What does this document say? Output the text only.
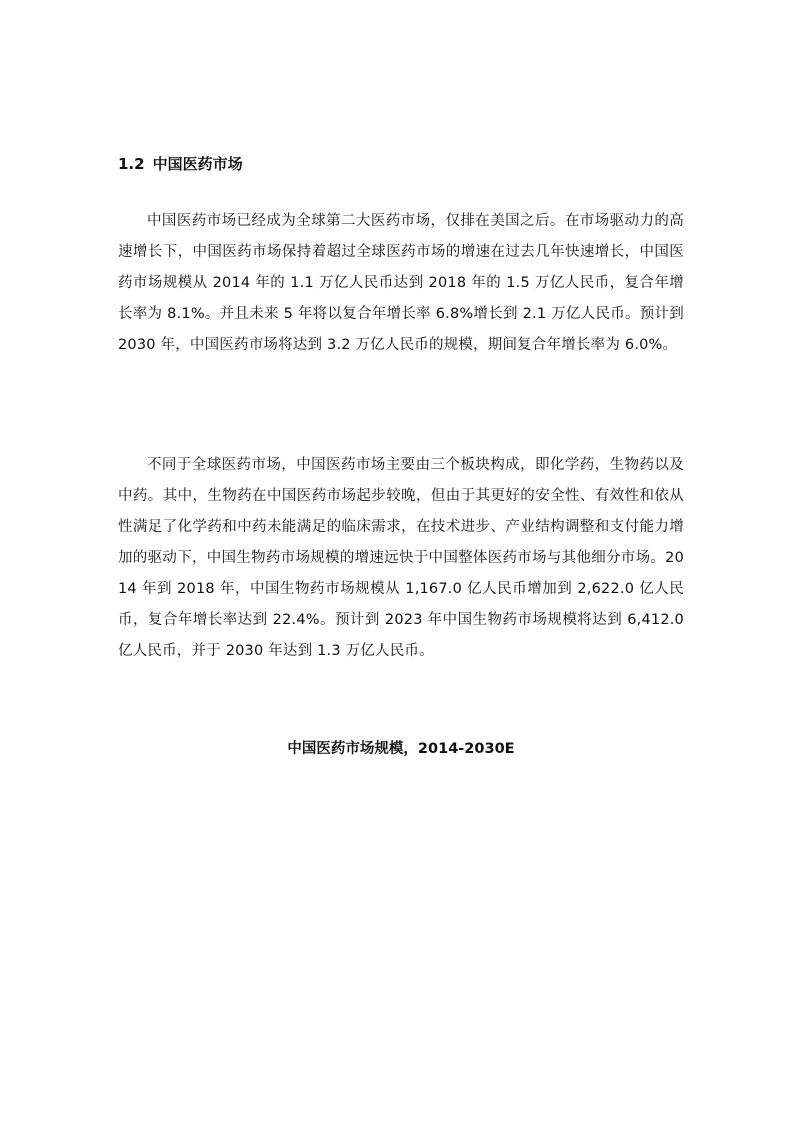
1.2 中国医药市场

中国医药市场已经成为全球第二大医药市场，仅排在美国之后。在市场驱动力的高速增长下，中国医药市场保持着超过全球医药市场的增速在过去几年快速增长，中国医药市场规模从 2014 年的 1.1 万亿人民币达到 2018 年的 1.5 万亿人民币，复合年增长率为 8.1%。并且未来 5 年将以复合年增长率 6.8%增长到 2.1 万亿人民币。预计到 2030 年，中国医药市场将达到 3.2 万亿人民币的规模，期间复合年增长率为 6.0%。

不同于全球医药市场，中国医药市场主要由三个板块构成，即化学药，生物药以及中药。其中，生物药在中国医药市场起步较晚，但由于其更好的安全性、有效性和依从性满足了化学药和中药未能满足的临床需求，在技术进步、产业结构调整和支付能力增加的驱动下，中国生物药市场规模的增速远快于中国整体医药市场与其他细分市场。2014 年到 2018 年，中国生物药市场规模从 1,167.0 亿人民币增加到 2,622.0 亿人民币，复合年增长率达到 22.4%。预计到 2023 年中国生物药市场规模将达到 6,412.0 亿人民币，并于 2030 年达到 1.3 万亿人民币。

中国医药市场规模，2014-2030E
